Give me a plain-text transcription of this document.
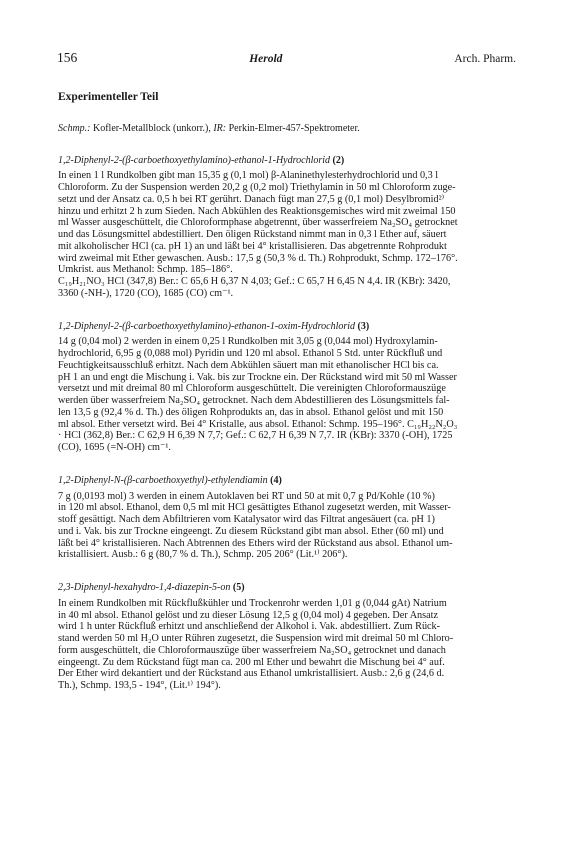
156	Herold	Arch. Pharm.
Experimenteller Teil
Schmp.: Kofler-Metallblock (unkorr.), IR: Perkin-Elmer-457-Spektrometer.
1,2-Diphenyl-2-(β-carboethoxyethylamino)-ethanol-1-Hydrochlorid (2)
In einen 1 l Rundkolben gibt man 15,35 g (0,1 mol) β-Alaninethylesterhydrochlorid und 0,3 l
Chloroform. Zu der Suspension werden 20,2 g (0,2 mol) Triethylamin in 50 ml Chloroform zuge-
setzt und der Ansatz ca. 0,5 h bei RT gerührt. Danach fügt man 27,5 g (0,1 mol) Desylbromid²⁾
hinzu und erhitzt 2 h zum Sieden. Nach Abkühlen des Reaktionsgemisches wird mit zweimal 150
ml Wasser ausgeschüttelt, die Chloroformphase abgetrennt, über wasserfreiem Na₂SO₄ getrocknet
und das Lösungsmittel abdestilliert. Den öligen Rückstand nimmt man in 0,3 l Ether auf, säuert
mit alkoholischer HCl (ca. pH 1) an und läßt bei 4° kristallisieren. Das abgetrennte Rohprodukt
wird zweimal mit Ether gewaschen. Ausb.: 17,5 g (50,3 % d. Th.) Rohprodukt, Schmp. 172–176°.
Umkrist. aus Methanol: Schmp. 185–186°.
C₁₉H₂₁NO₃ HCl (347,8) Ber.: C 65,6 H 6,37 N 4,03; Gef.: C 65,7 H 6,45 N 4,4. IR (KBr): 3420,
3360 (-NH-), 1720 (CO), 1685 (CO) cm⁻¹.
1,2-Diphenyl-2-(β-carboethoxyethylamino)-ethanon-1-oxim-Hydrochlorid (3)
14 g (0,04 mol) 2 werden in einem 0,25 l Rundkolben mit 3,05 g (0,044 mol) Hydroxylamin-
hydrochlorid, 6,95 g (0,088 mol) Pyridin und 120 ml absol. Ethanol 5 Std. unter Rückfluß und
Feuchtigkeitsausschluß erhitzt. Nach dem Abkühlen säuert man mit ethanolischer HCl bis ca.
pH 1 an und engt die Mischung i. Vak. bis zur Trockne ein. Der Rückstand wird mit 50 ml Wasser
versetzt und mit dreimal 80 ml Chloroform ausgeschüttelt. Die vereinigten Chloroformauszüge
werden über wasserfreiem Na₂SO₄ getrocknet. Nach dem Abdestillieren des Lösungsmittels fal-
len 13,5 g (92,4 % d. Th.) des öligen Rohprodukts an, das in absol. Ethanol gelöst und mit 150
ml absol. Ether versetzt wird. Bei 4° Kristalle, aus absol. Ethanol: Schmp. 195–196°. C₁₉H₂₂N₂O₃
· HCl (362,8) Ber.: C 62,9 H 6,39 N 7,7; Gef.: C 62,7 H 6,39 N 7,7. IR (KBr): 3370 (-OH), 1725
(CO), 1695 (=N-OH) cm⁻¹.
1,2-Diphenyl-N-(β-carboethoxyethyl)-ethylendiamin (4)
7 g (0,0193 mol) 3 werden in einem Autoklaven bei RT und 50 at mit 0,7 g Pd/Kohle (10 %)
in 120 ml absol. Ethanol, dem 0,5 ml mit HCl gesättigtes Ethanol zugesetzt werden, mit Wasser-
stoff gesättigt. Nach dem Abfiltrieren vom Katalysator wird das Filtrat angesäuert (ca. pH 1)
und i. Vak. bis zur Trockne eingeengt. Zu diesem Rückstand gibt man absol. Ether (60 ml) und
läßt bei 4° kristallisieren. Nach Abtrennen des Ethers wird der Rückstand aus absol. Ethanol um-
kristallisiert. Ausb.: 6 g (80,7 % d. Th.), Schmp. 205 206° (Lit.¹⁾ 206°).
2,3-Diphenyl-hexahydro-1,4-diazepin-5-on (5)
In einem Rundkolben mit Rückflußkühler und Trockenrohr werden 1,01 g (0,044 gAt) Natrium
in 40 ml absol. Ethanol gelöst und zu dieser Lösung 12,5 g (0,04 mol) 4 gegeben. Der Ansatz
wird 1 h unter Rückfluß erhitzt und anschließend der Alkohol i. Vak. abdestilliert. Zum Rück-
stand werden 50 ml H₂O unter Rühren zugesetzt, die Suspension wird mit dreimal 50 ml Chloro-
form ausgeschüttelt, die Chloroformauszüge über wasserfreiem Na₂SO₄ getrocknet und danach
eingeengt. Zu dem Rückstand fügt man ca. 200 ml Ether und bewahrt die Mischung bei 4° auf.
Der Ether wird dekantiert und der Rückstand aus Ethanol umkristallisiert. Ausb.: 2,6 g (24,6 d.
Th.), Schmp. 193,5 - 194°, (Lit.¹⁾ 194°).
